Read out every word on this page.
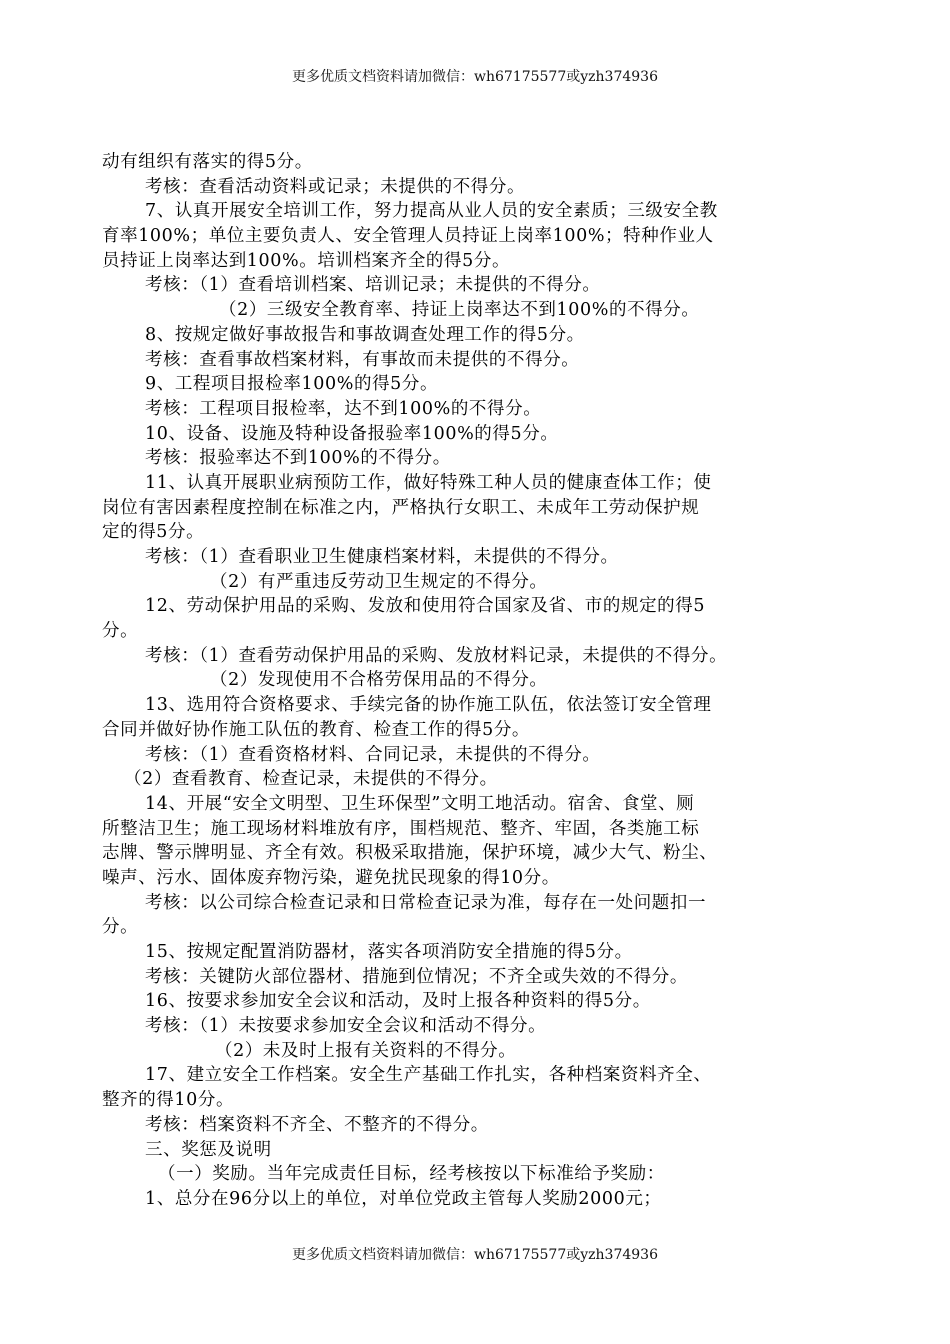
更多优质文档资料请加微信：wh67175577或yzh374936
动有组织有落实的得5分。
考核：查看活动资料或记录；未提供的不得分。
7、认真开展安全培训工作，努力提高从业人员的安全素质；三级安全教
育率100%；单位主要负责人、安全管理人员持证上岗率100%；特种作业人
员持证上岗率达到100%。培训档案齐全的得5分。
考核：（1）查看培训档案、培训记录；未提供的不得分。
（2）三级安全教育率、持证上岗率达不到100%的不得分。
8、按规定做好事故报告和事故调查处理工作的得5分。
考核：查看事故档案材料，有事故而未提供的不得分。
9、工程项目报检率100%的得5分。
考核：工程项目报检率，达不到100%的不得分。
10、设备、设施及特种设备报验率100%的得5分。
考核：报验率达不到100%的不得分。
11、认真开展职业病预防工作，做好特殊工种人员的健康查体工作；使
岗位有害因素程度控制在标准之内，严格执行女职工、未成年工劳动保护规
定的得5分。
考核：（1）查看职业卫生健康档案材料，未提供的不得分。
（2）有严重违反劳动卫生规定的不得分。
12、劳动保护用品的采购、发放和使用符合国家及省、市的规定的得5
分。
考核：（1）查看劳动保护用品的采购、发放材料记录，未提供的不得分。
（2）发现使用不合格劳保用品的不得分。
13、选用符合资格要求、手续完备的协作施工队伍，依法签订安全管理
合同并做好协作施工队伍的教育、检查工作的得5分。
考核：（1）查看资格材料、合同记录，未提供的不得分。
（2）查看教育、检查记录，未提供的不得分。
14、开展“安全文明型、卫生环保型”文明工地活动。宿舍、食堂、厕
所整洁卫生；施工现场材料堆放有序，围档规范、整齐、牢固，各类施工标
志牌、警示牌明显、齐全有效。积极采取措施，保护环境，减少大气、粉尘、
噪声、污水、固体废弃物污染，避免扰民现象的得10分。
考核：以公司综合检查记录和日常检查记录为准，每存在一处问题扣一
分。
15、按规定配置消防器材，落实各项消防安全措施的得5分。
考核：关键防火部位器材、措施到位情况；不齐全或失效的不得分。
16、按要求参加安全会议和活动，及时上报各种资料的得5分。
考核：（1）未按要求参加安全会议和活动不得分。
（2）未及时上报有关资料的不得分。
17、建立安全工作档案。安全生产基础工作扎实，各种档案资料齐全、
整齐的得10分。
考核：档案资料不齐全、不整齐的不得分。
三、奖惩及说明
（一）奖励。当年完成责任目标，经考核按以下标准给予奖励：
1、总分在96分以上的单位，对单位党政主管每人奖励2000元；
更多优质文档资料请加微信：wh67175577或yzh374936
